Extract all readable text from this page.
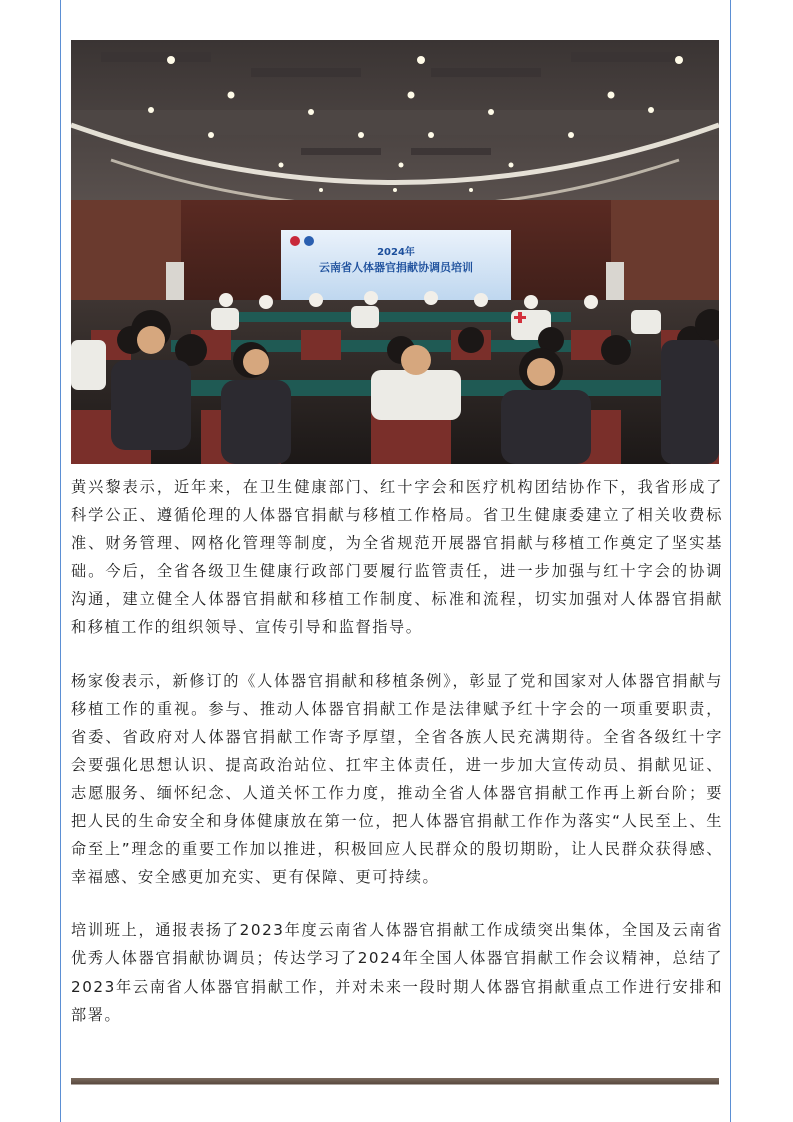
2024年
云南省人体器官捐献协调员培训

黄兴黎表示，近年来，在卫生健康部门、红十字会和医疗机构团结协作下，我省形成了科学公正、遵循伦理的人体器官捐献与移植工作格局。省卫生健康委建立了相关收费标准、财务管理、网格化管理等制度，为全省规范开展器官捐献与移植工作奠定了坚实基础。今后，全省各级卫生健康行政部门要履行监管责任，进一步加强与红十字会的协调沟通，建立健全人体器官捐献和移植工作制度、标准和流程，切实加强对人体器官捐献和移植工作的组织领导、宣传引导和监督指导。

杨家俊表示，新修订的《人体器官捐献和移植条例》，彰显了党和国家对人体器官捐献与移植工作的重视。参与、推动人体器官捐献工作是法律赋予红十字会的一项重要职责，省委、省政府对人体器官捐献工作寄予厚望，全省各族人民充满期待。全省各级红十字会要强化思想认识、提高政治站位、扛牢主体责任，进一步加大宣传动员、捐献见证、志愿服务、缅怀纪念、人道关怀工作力度，推动全省人体器官捐献工作再上新台阶；要把人民的生命安全和身体健康放在第一位，把人体器官捐献工作作为落实“人民至上、生命至上”理念的重要工作加以推进，积极回应人民群众的殷切期盼，让人民群众获得感、幸福感、安全感更加充实、更有保障、更可持续。

培训班上，通报表扬了2023年度云南省人体器官捐献工作成绩突出集体，全国及云南省优秀人体器官捐献协调员；传达学习了2024年全国人体器官捐献工作会议精神，总结了2023年云南省人体器官捐献工作，并对未来一段时期人体器官捐献重点工作进行安排和部署。
